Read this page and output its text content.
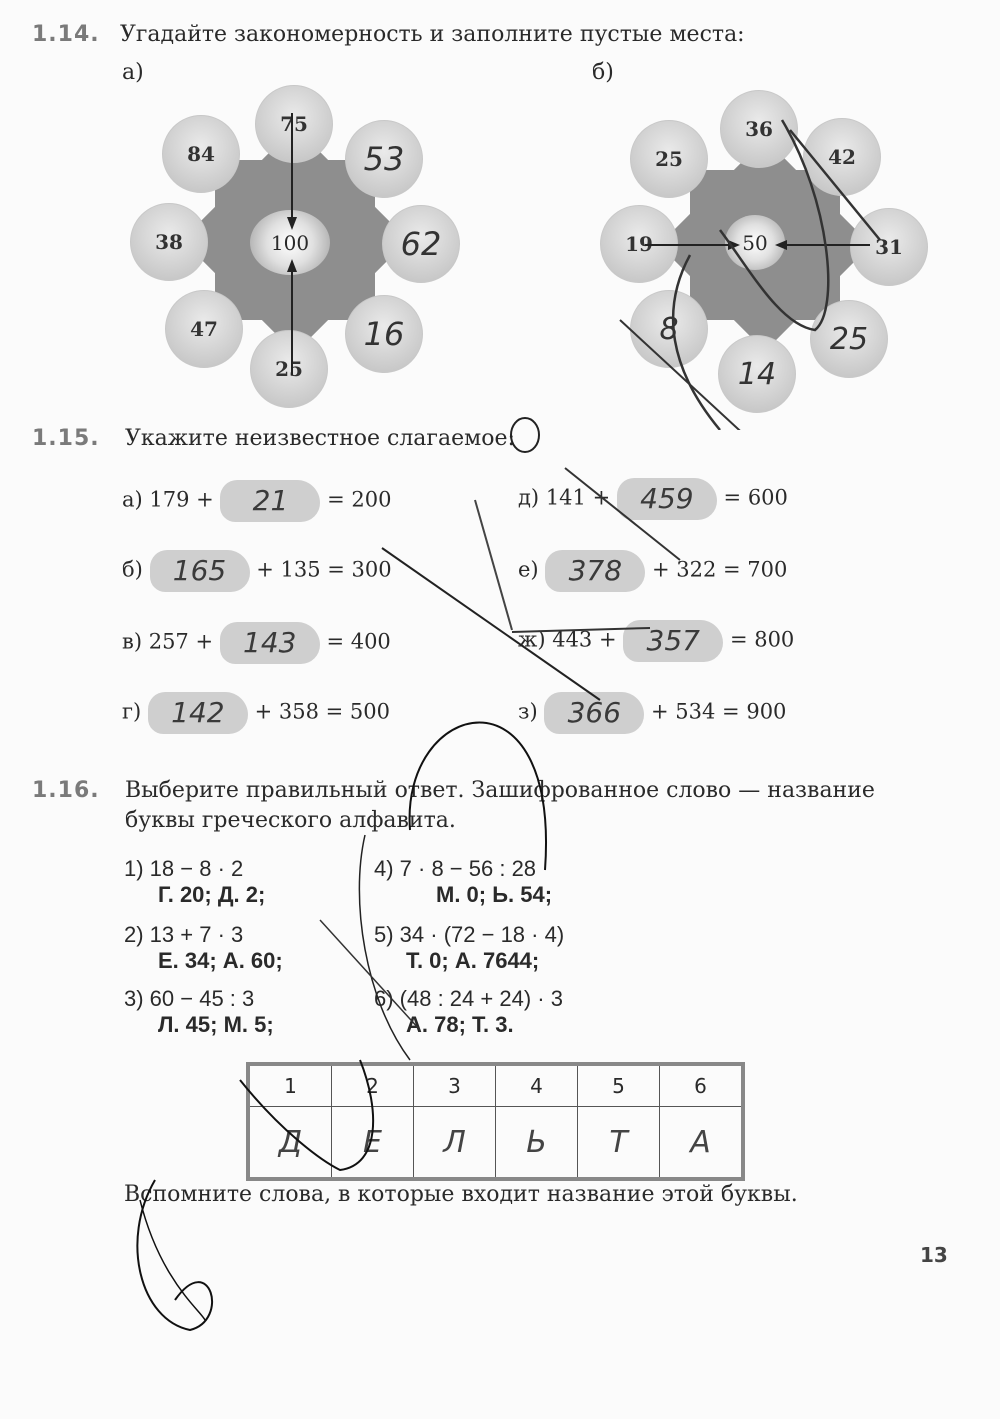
1.14. Угадайте закономерность и заполните пустые места:
а)	б)
75
53
62
16
25
47
38
84
100
36
42
31
25
14
8
19
25
50
1.15. Укажите неизвестное слагаемое:
а) 179 + 21 = 200
б) 165 + 135 = 300
в) 257 + 143 = 400
г) 142 + 358 = 500
д) 141 + 459 = 600
е) 378 + 322 = 700
ж) 443 + 357 = 800
з) 366 + 534 = 900
1.16. Выберите правильный ответ. Зашифрованное слово — название
буквы греческого алфавита.
1) 18 − 8 · 2
Г. 20; Д. 2;
2) 13 + 7 · 3
Е. 34; А. 60;
3) 60 − 45 : 3
Л. 45; М. 5;
4) 7 · 8 − 56 : 28
М. 0; Ь. 54;
5) 34 · (72 − 18 · 4)
Т. 0; А. 7644;
6) (48 : 24 + 24) · 3
А. 78; Т. 3.
1	2	3	4	5	6
Д	Е	Л	Ь	Т	А
Вспомните слова, в которые входит название этой буквы.
13
